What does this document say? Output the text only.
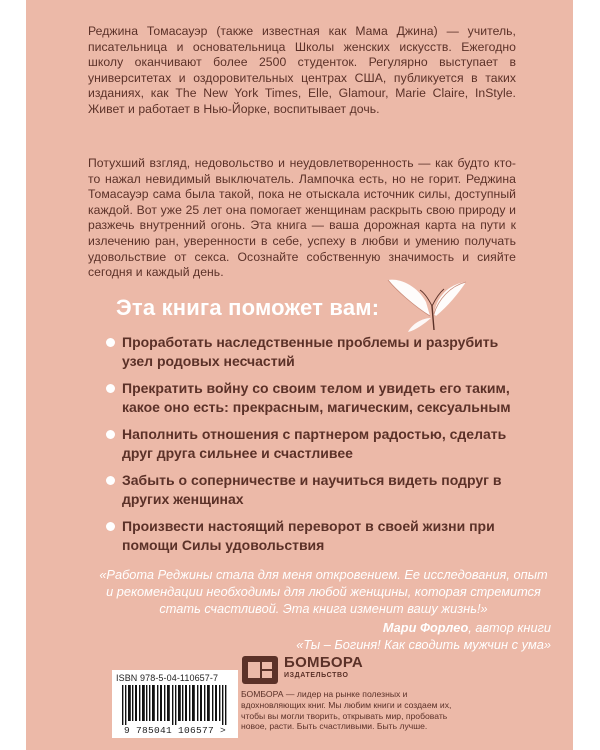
Реджина Томасауэр (также известная как Мама Джина) — учитель, писательница и основательница Школы женских искусств. Ежегодно школу оканчивают более 2500 студенток. Регулярно выступает в университетах и оздоровительных центрах США, публикуется в таких изданиях, как The New York Times, Elle, Glamour, Marie Claire, InStyle. Живет и работает в Нью-Йорке, воспитывает дочь.

Потухший взгляд, недовольство и неудовлетворенность — как будто кто-то нажал невидимый выключатель. Лампочка есть, но не горит. Реджина Томасауэр сама была такой, пока не отыскала источник силы, доступный каждой. Вот уже 25 лет она помогает женщинам раскрыть свою природу и разжечь внутренний огонь. Эта книга — ваша дорожная карта на пути к излечению ран, уверенности в себе, успеху в любви и умению получать удовольствие от секса. Осознайте собственную значимость и сияйте сегодня и каждый день.

Эта книга поможет вам:
Проработать наследственные проблемы и разрубить узел родовых несчастий
Прекратить войну со своим телом и увидеть его таким, какое оно есть: прекрасным, магическим, сексуальным
Наполнить отношения с партнером радостью, сделать друг друга сильнее и счастливее
Забыть о соперничестве и научиться видеть подруг в других женщинах
Произвести настоящий переворот в своей жизни при помощи Силы удовольствия
«Работа Реджины стала для меня откровением. Ее исследования, опыт и рекомендации необходимы для любой женщины, которая стремится стать счастливой. Эта книга изменит вашу жизнь!»
Мари Форлео, автор книги
«Ты – Богиня! Как сводить мужчин с ума»
ISBN 978-5-04-110657-7
9 785041 106577 >
БОМБОРА
ИЗДАТЕЛЬСТВО
БОМБОРА — лидер на рынке полезных и вдохновляющих книг. Мы любим книги и создаем их, чтобы вы могли творить, открывать мир, пробовать новое, расти. Быть счастливыми. Быть лучше.
